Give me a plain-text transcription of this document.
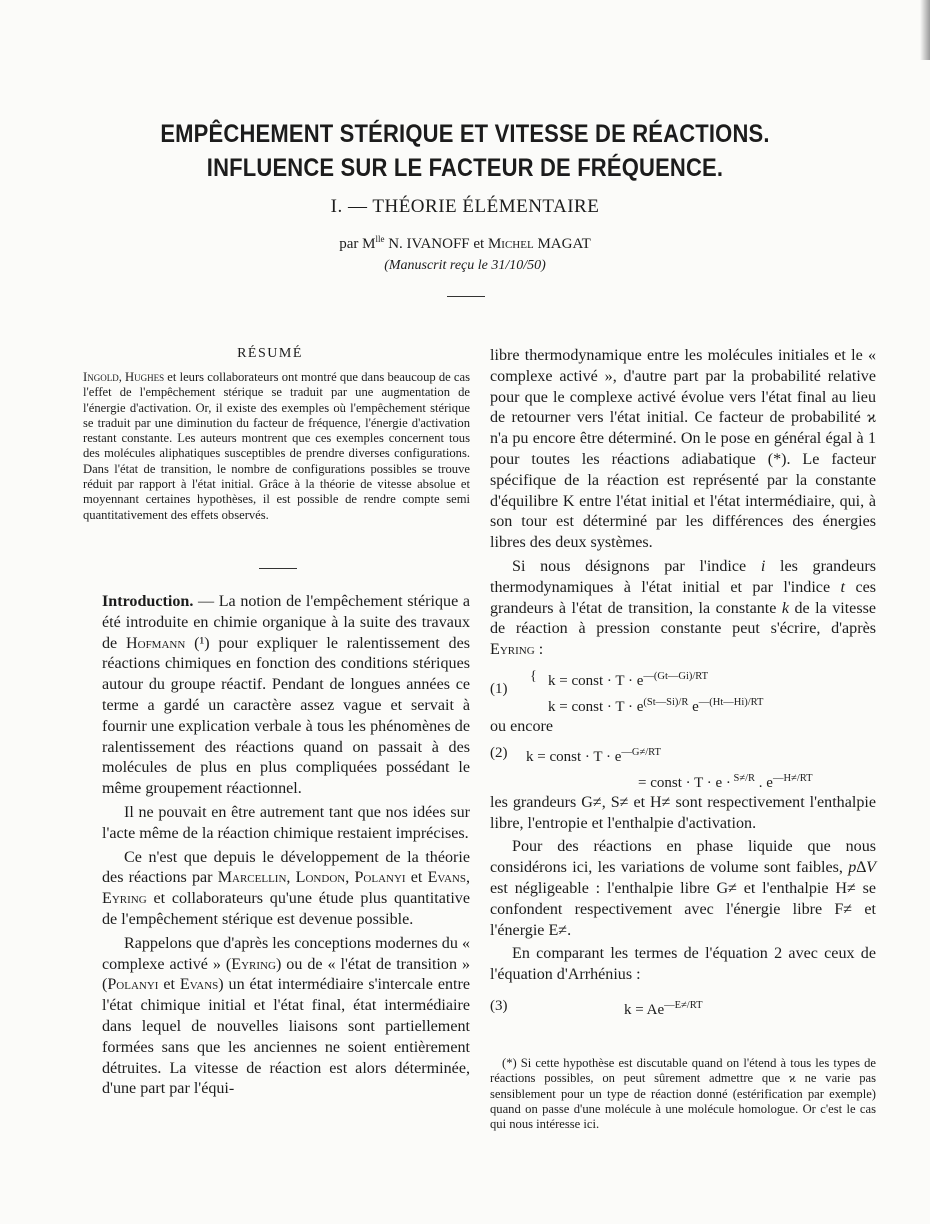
EMPÊCHEMENT STÉRIQUE ET VITESSE DE RÉACTIONS.
INFLUENCE SUR LE FACTEUR DE FRÉQUENCE.
I. — THÉORIE ÉLÉMENTAIRE
par $M^{lle}$ N. IVANOFF et Michel MAGAT
(Manuscrit reçu le 31/10/50)
RÉSUMÉ
Ingold, Hughes et leurs collaborateurs ont montré que dans beaucoup de cas l'effet de l'empêchement stérique se traduit par une augmentation de l'énergie d'activation. Or, il existe des exemples où l'empêchement stérique se traduit par une diminution du facteur de fréquence, l'énergie d'activation restant constante. Les auteurs montrent que ces exemples concernent tous des molécules aliphatiques susceptibles de prendre diverses configurations. Dans l'état de transition, le nombre de configurations possibles se trouve réduit par rapport à l'état initial. Grâce à la théorie de vitesse absolue et moyennant certaines hypothèses, il est possible de rendre compte semi quantitativement des effets observés.

Introduction. — La notion de l'empêchement stérique a été introduite en chimie organique à la suite des travaux de Hofmann (¹) pour expliquer le ralentissement des réactions chimiques en fonction des conditions stériques autour du groupe réactif. Pendant de longues années ce terme a gardé un caractère assez vague et servait à fournir une explication verbale à tous les phénomènes de ralentissement des réactions quand on passait à des molécules de plus en plus compliquées possédant le même groupement réactionnel.

Il ne pouvait en être autrement tant que nos idées sur l'acte même de la réaction chimique restaient imprécises.

Ce n'est que depuis le développement de la théorie des réactions par Marcellin, London, Polanyi et Evans, Eyring et collaborateurs qu'une étude plus quantitative de l'empêchement stérique est devenue possible.

Rappelons que d'après les conceptions modernes du « complexe activé » (Eyring) ou de « l'état de transition » (Polanyi et Evans) un état intermédiaire s'intercale entre l'état chimique initial et l'état final, état intermédiaire dans lequel de nouvelles liaisons sont partiellement formées sans que les anciennes ne soient entièrement détruites. La vitesse de réaction est alors déterminée, d'une part par l'équi-

libre thermodynamique entre les molécules initiales et le « complexe activé », d'autre part par la probabilité relative pour que le complexe activé évolue vers l'état final au lieu de retourner vers l'état initial. Ce facteur de probabilité ϰ n'a pu encore être déterminé. On le pose en général égal à 1 pour toutes les réactions adiabatique (*). Le facteur spécifique de la réaction est représenté par la constante d'équilibre K entre l'état initial et l'état intermédiaire, qui, à son tour est déterminé par les différences des énergies libres des deux systèmes.

Si nous désignons par l'indice i les grandeurs thermodynamiques à l'état initial et par l'indice t ces grandeurs à l'état de transition, la constante k de la vitesse de réaction à pression constante peut s'écrire, d'après Eyring :

{ k = const · $T \cdot e^{—(Gt—Gi)/RT}$
(1)
k = const · $T \cdot e^{(St—Si)/R}$ $e^{—(Ht—Hi)/RT}$

ou encore

(2) k = const · $T \cdot e^{—G\ne/RT}$
= const · T · e · $^{S\ne/R}$ . $e^{—H\ne/RT}$

les grandeurs G≠, S≠ et H≠ sont respectivement l'enthalpie libre, l'entropie et l'enthalpie d'activation.

Pour des réactions en phase liquide que nous considérons ici, les variations de volume sont faibles, p∆V est négligeable : l'enthalpie libre G≠ et l'enthalpie H≠ se confondent respectivement avec l'énergie libre F≠ et l'énergie E≠.

En comparant les termes de l'équation 2 avec ceux de l'équation d'Arrhénius :

(3)	$k = Ae^{—E\ne/RT}$

(*) Si cette hypothèse est discutable quand on l'étend à tous les types de réactions possibles, on peut sûrement admettre que ϰ ne varie pas sensiblement pour un type de réaction donné (estérification par exemple) quand on passe d'une molécule à une molécule homologue. Or c'est le cas qui nous intéresse ici.
